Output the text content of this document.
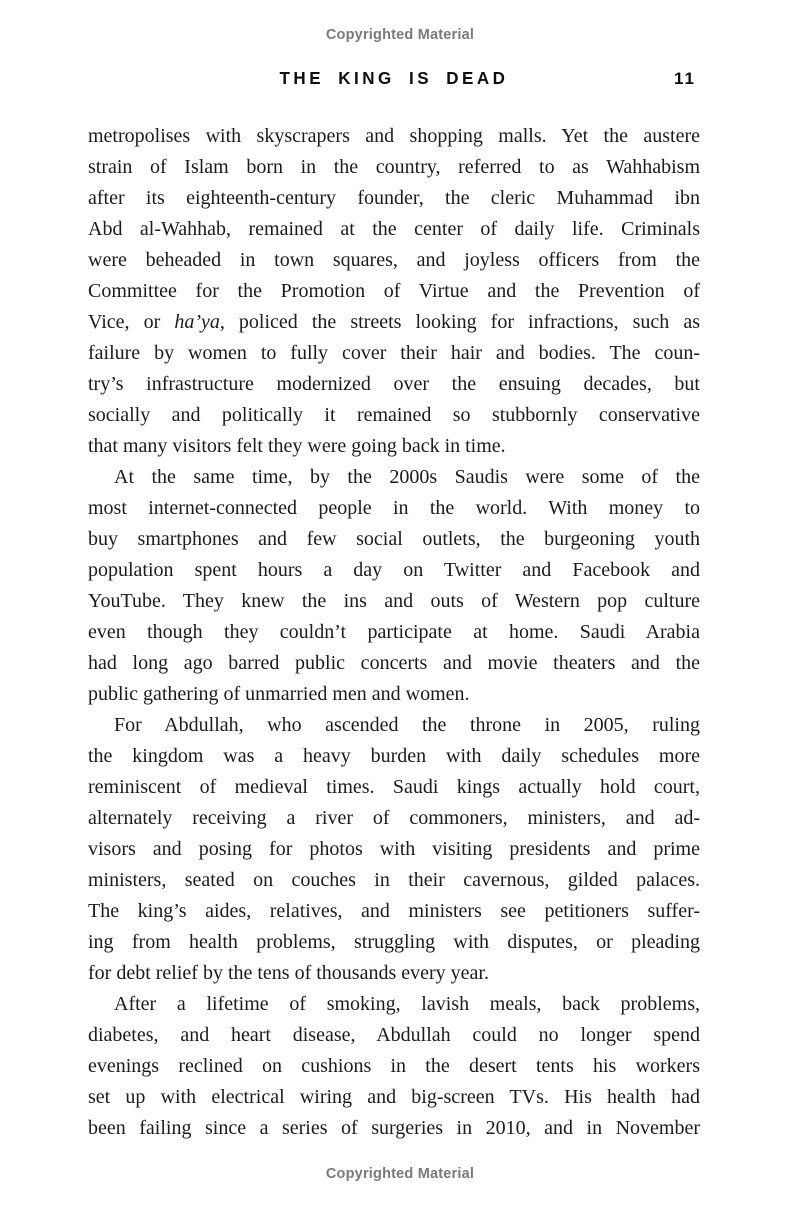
Copyrighted Material
THE KING IS DEAD	11
metropolises with skyscrapers and shopping malls. Yet the austere
strain of Islam born in the country, referred to as Wahhabism
after its eighteenth-century founder, the cleric Muhammad ibn
Abd al-Wahhab, remained at the center of daily life. Criminals
were beheaded in town squares, and joyless officers from the
Committee for the Promotion of Virtue and the Prevention of
Vice, or ha’ya, policed the streets looking for infractions, such as
failure by women to fully cover their hair and bodies. The coun-
try’s infrastructure modernized over the ensuing decades, but
socially and politically it remained so stubbornly conservative
that many visitors felt they were going back in time.
At the same time, by the 2000s Saudis were some of the
most internet-connected people in the world. With money to
buy smartphones and few social outlets, the burgeoning youth
population spent hours a day on Twitter and Facebook and
YouTube. They knew the ins and outs of Western pop culture
even though they couldn’t participate at home. Saudi Arabia
had long ago barred public concerts and movie theaters and the
public gathering of unmarried men and women.
For Abdullah, who ascended the throne in 2005, ruling
the kingdom was a heavy burden with daily schedules more
reminiscent of medieval times. Saudi kings actually hold court,
alternately receiving a river of commoners, ministers, and ad-
visors and posing for photos with visiting presidents and prime
ministers, seated on couches in their cavernous, gilded palaces.
The king’s aides, relatives, and ministers see petitioners suffer-
ing from health problems, struggling with disputes, or pleading
for debt relief by the tens of thousands every year.
After a lifetime of smoking, lavish meals, back problems,
diabetes, and heart disease, Abdullah could no longer spend
evenings reclined on cushions in the desert tents his workers
set up with electrical wiring and big-screen TVs. His health had
been failing since a series of surgeries in 2010, and in November
Copyrighted Material
